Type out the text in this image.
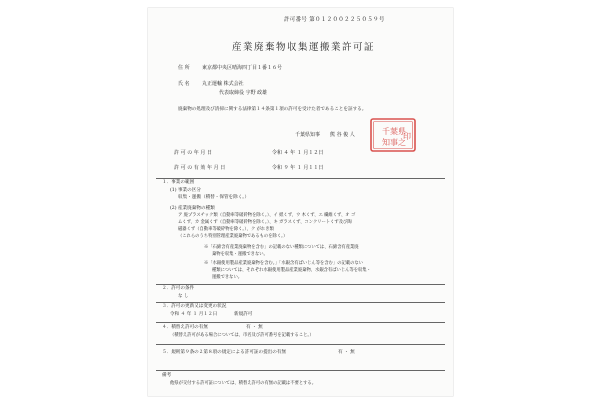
許可番号 第０１２００２２５０５９号
産業廃棄物収集運搬業許可証
住所 東京都中央区晴海四丁目１番１６号
氏名 丸正運輸 株式会社
代表取締役 宇野 政雄
廃棄物の処理及び清掃に関する法律第１４条第１項の許可を受けた者であることを証する。
千葉県知事 熊 谷 俊 人	千葉県
知事之
印
許可の年月日	令和 ４ 年 １ 月１２日
許可の有効年月日	令和 ９ 年 １ 月１１日
１．事業の範囲
(1) 事業の区分
収集・運搬（積替・保管を除く。）
(2) 産業廃棄物の種類
ア 廃プラスチック類（自動車等破砕物を除く。）、イ 紙くず、ウ 木くず、エ 繊維くず、オ ゴ
ムくず、カ 金属くず（自動車等破砕物を除く。）、キ ガラスくず、コンクリートくず及び陶
磁器くず（自動車等破砕物を除く。）、ク がれき類
（これらのうち特別管理産業廃棄物であるものを除く。）
※「石綿含有産業廃棄物を含む」の記載のない種類については、石綿含有産業廃
棄物を収集・運搬できない。
※「水銀使用製品産業廃棄物を含む。」「水銀含有ばいじん等を含む」の記載のない
種類については、それぞれ水銀使用製品産業廃棄物、水銀含有ばいじん等を収集・
運搬できない。
２．許可の条件
な し
３．許可の更新又は変更の状況
令和 ４ 年 １ 月１２日	新規許可
４．積替え許可の有無	有 ・ 無
（積替え許可がある場合については、市名及び許可番号を記載すること。）
５．規則第９条の２第８項の規定による許可証の提出の有無	有 ・ 無
備考
他県が交付する許可証については、積替え許可の有無の記載は不要とする。
